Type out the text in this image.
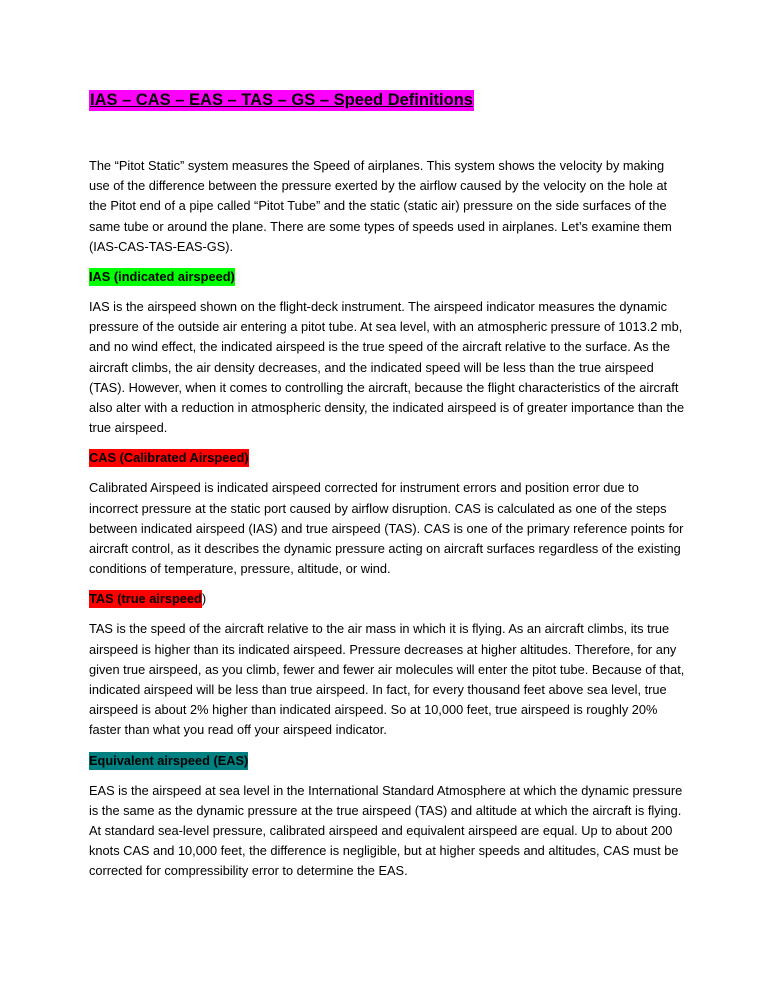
IAS – CAS – EAS – TAS – GS – Speed Definitions

The “Pitot Static” system measures the Speed of airplanes. This system shows the velocity by making use of the difference between the pressure exerted by the airflow caused by the velocity on the hole at the Pitot end of a pipe called “Pitot Tube” and the static (static air) pressure on the side surfaces of the same tube or around the plane. There are some types of speeds used in airplanes. Let’s examine them (IAS-CAS-TAS-EAS-GS).

IAS (indicated airspeed)

IAS is the airspeed shown on the flight-deck instrument. The airspeed indicator measures the dynamic pressure of the outside air entering a pitot tube. At sea level, with an atmospheric pressure of 1013.2 mb, and no wind effect, the indicated airspeed is the true speed of the aircraft relative to the surface. As the aircraft climbs, the air density decreases, and the indicated speed will be less than the true airspeed (TAS). However, when it comes to controlling the aircraft, because the flight characteristics of the aircraft also alter with a reduction in atmospheric density, the indicated airspeed is of greater importance than the true airspeed.

CAS (Calibrated Airspeed)

Calibrated Airspeed is indicated airspeed corrected for instrument errors and position error due to incorrect pressure at the static port caused by airflow disruption. CAS is calculated as one of the steps between indicated airspeed (IAS) and true airspeed (TAS). CAS is one of the primary reference points for aircraft control, as it describes the dynamic pressure acting on aircraft surfaces regardless of the existing conditions of temperature, pressure, altitude, or wind.

TAS (true airspeed)

TAS is the speed of the aircraft relative to the air mass in which it is flying. As an aircraft climbs, its true airspeed is higher than its indicated airspeed. Pressure decreases at higher altitudes. Therefore, for any given true airspeed, as you climb, fewer and fewer air molecules will enter the pitot tube. Because of that, indicated airspeed will be less than true airspeed. In fact, for every thousand feet above sea level, true airspeed is about 2% higher than indicated airspeed. So at 10,000 feet, true airspeed is roughly 20% faster than what you read off your airspeed indicator.

Equivalent airspeed (EAS)

EAS is the airspeed at sea level in the International Standard Atmosphere at which the dynamic pressure is the same as the dynamic pressure at the true airspeed (TAS) and altitude at which the aircraft is flying. At standard sea-level pressure, calibrated airspeed and equivalent airspeed are equal. Up to about 200 knots CAS and 10,000 feet, the difference is negligible, but at higher speeds and altitudes, CAS must be corrected for compressibility error to determine the EAS.
